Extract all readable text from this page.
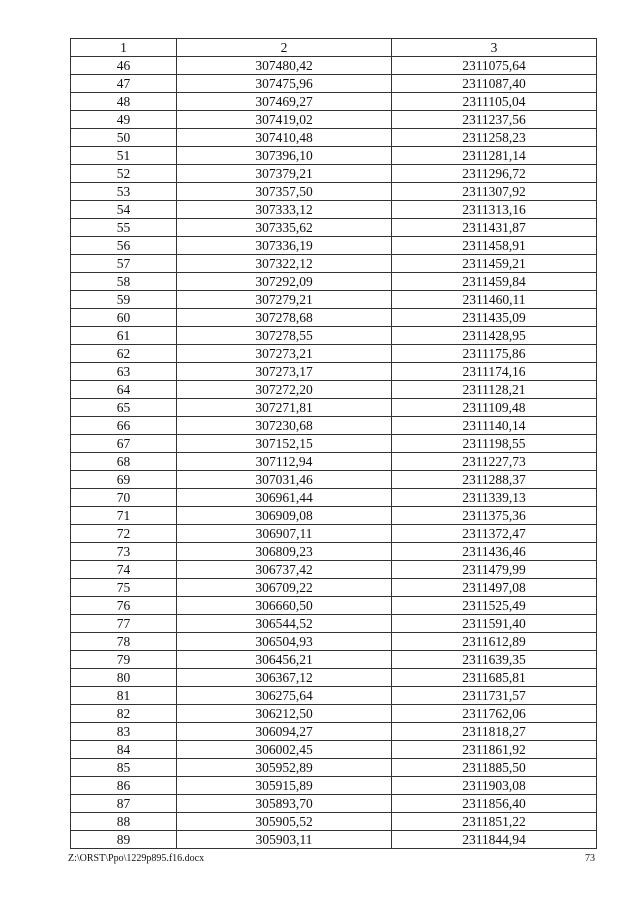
1	2	3
46	307480,42	2311075,64
47	307475,96	2311087,40
48	307469,27	2311105,04
49	307419,02	2311237,56
50	307410,48	2311258,23
51	307396,10	2311281,14
52	307379,21	2311296,72
53	307357,50	2311307,92
54	307333,12	2311313,16
55	307335,62	2311431,87
56	307336,19	2311458,91
57	307322,12	2311459,21
58	307292,09	2311459,84
59	307279,21	2311460,11
60	307278,68	2311435,09
61	307278,55	2311428,95
62	307273,21	2311175,86
63	307273,17	2311174,16
64	307272,20	2311128,21
65	307271,81	2311109,48
66	307230,68	2311140,14
67	307152,15	2311198,55
68	307112,94	2311227,73
69	307031,46	2311288,37
70	306961,44	2311339,13
71	306909,08	2311375,36
72	306907,11	2311372,47
73	306809,23	2311436,46
74	306737,42	2311479,99
75	306709,22	2311497,08
76	306660,50	2311525,49
77	306544,52	2311591,40
78	306504,93	2311612,89
79	306456,21	2311639,35
80	306367,12	2311685,81
81	306275,64	2311731,57
82	306212,50	2311762,06
83	306094,27	2311818,27
84	306002,45	2311861,92
85	305952,89	2311885,50
86	305915,89	2311903,08
87	305893,70	2311856,40
88	305905,52	2311851,22
89	305903,11	2311844,94
Z:\ORST\Ppo\1229p895.f16.docx	73
